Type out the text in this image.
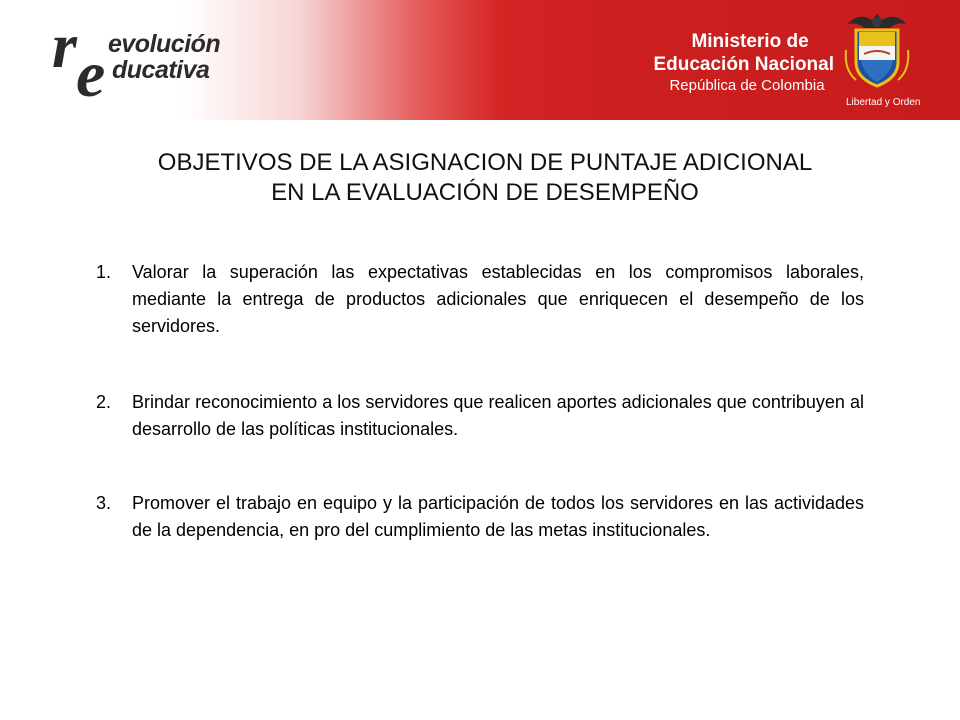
r e evolución
ducativa
Ministerio de
Educación Nacional
República de Colombia
Libertad y Orden
OBJETIVOS DE LA ASIGNACION DE PUNTAJE ADICIONAL
EN LA EVALUACIÓN DE DESEMPEÑO
1. Valorar la superación las expectativas establecidas en los compromisos laborales, mediante la entrega de productos adicionales que enriquecen el desempeño de los servidores.
2. Brindar reconocimiento a los servidores que realicen aportes adicionales que contribuyen al desarrollo de las políticas institucionales.
3. Promover el trabajo en equipo y la participación de todos los servidores en las actividades de la dependencia, en pro del cumplimiento de las metas institucionales.
